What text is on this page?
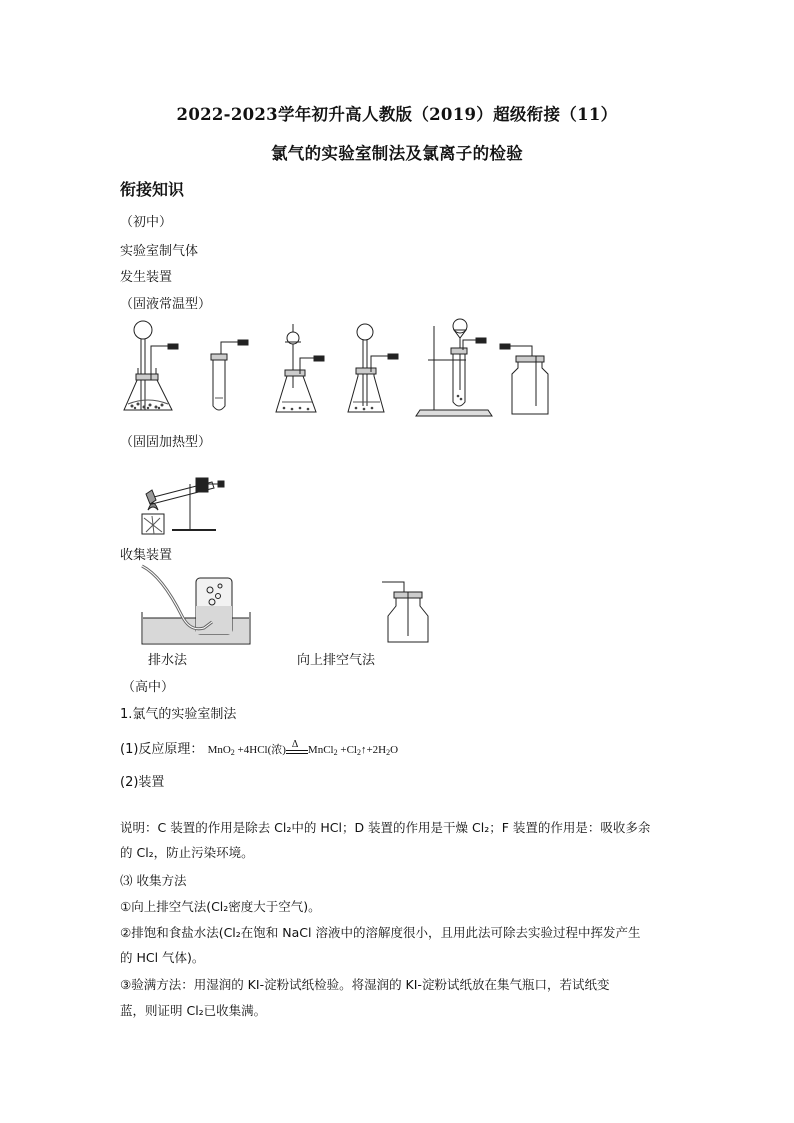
2022-2023学年初升高人教版（2019）超级衔接（11）
氯气的实验室制法及氯离子的检验
衔接知识
（初中）
实验室制气体
发生装置
（固液常温型）
（固固加热型）
收集装置
排水法	向上排空气法
（高中）
1.氯气的实验室制法
(1)反应原理： MnO$_2$ +4HCl(浓) Δ MnCl$_2$ $+Cl_2↑+2H_2O$
(2)装置
说明：C 装置的作用是除去 Cl₂中的 HCl；D 装置的作用是干燥 Cl₂；F 装置的作用是：吸收多余
的 Cl₂，防止污染环境。
⑶ 收集方法
①向上排空气法(Cl₂密度大于空气)。
②排饱和食盐水法(Cl₂在饱和 NaCl 溶液中的溶解度很小，且用此法可除去实验过程中挥发产生
的 HCl 气体)。
③验满方法：用湿润的 KI-淀粉试纸检验。将湿润的 KI-淀粉试纸放在集气瓶口，若试纸变
蓝，则证明 Cl₂已收集满。
